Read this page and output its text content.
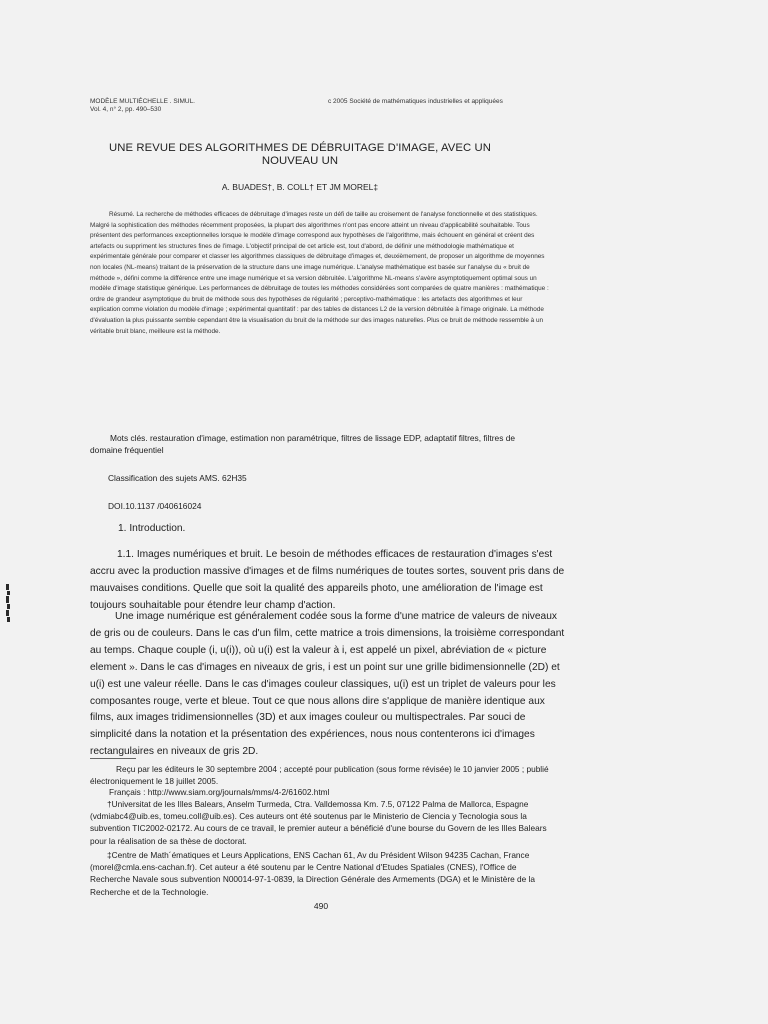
MODÈLE MULTIÉCHELLE . SIMUL.
Vol. 4, n° 2, pp. 490–530
c 2005 Société de mathématiques industrielles et appliquées
UNE REVUE DES ALGORITHMES DE DÉBRUITAGE D'IMAGE, AVEC UN NOUVEAU UN
A. BUADES†, B. COLL† ET JM MOREL‡

Résumé. La recherche de méthodes efficaces de débruitage d'images reste un défi de taille au croisement de l'analyse fonctionnelle et des statistiques. Malgré la sophistication des méthodes récemment proposées, la plupart des algorithmes n'ont pas encore atteint un niveau d'applicabilité souhaitable. Tous présentent des performances exceptionnelles lorsque le modèle d'image correspond aux hypothèses de l'algorithme, mais échouent en général et créent des artefacts ou suppriment les structures fines de l'image. L'objectif principal de cet article est, tout d'abord, de définir une méthodologie mathématique et expérimentale générale pour comparer et classer les algorithmes classiques de débruitage d'images et, deuxièmement, de proposer un algorithme de moyennes non locales (NL-means) traitant de la préservation de la structure dans une image numérique. L'analyse mathématique est basée sur l'analyse du « bruit de méthode », défini comme la différence entre une image numérique et sa version débruitée. L'algorithme NL-means s'avère asymptotiquement optimal sous un modèle d'image statistique générique. Les performances de débruitage de toutes les méthodes considérées sont comparées de quatre manières : mathématique : ordre de grandeur asymptotique du bruit de méthode sous des hypothèses de régularité ; perceptivo-mathématique : les artefacts des algorithmes et leur explication comme violation du modèle d'image ; expérimental quantitatif : par des tables de distances L2 de la version débruitée à l'image originale. La méthode d'évaluation la plus puissante semble cependant être la visualisation du bruit de la méthode sur des images naturelles. Plus ce bruit de méthode ressemble à un véritable bruit blanc, meilleure est la méthode.

Mots clés. restauration d'image, estimation non paramétrique, filtres de lissage EDP, adaptatif filtres, filtres de domaine fréquentiel

Classification des sujets AMS. 62H35

DOI.10.1137 /040616024

1. Introduction.

1.1. Images numériques et bruit. Le besoin de méthodes efficaces de restauration d'images s'est accru avec la production massive d'images et de films numériques de toutes sortes, souvent pris dans de mauvaises conditions. Quelle que soit la qualité des appareils photo, une amélioration de l'image est toujours souhaitable pour étendre leur champ d'action.

Une image numérique est généralement codée sous la forme d'une matrice de valeurs de niveaux de gris ou de couleurs. Dans le cas d'un film, cette matrice a trois dimensions, la troisième correspondant au temps. Chaque couple (i, u(i)), où u(i) est la valeur à i, est appelé un pixel, abréviation de « picture element ». Dans le cas d'images en niveaux de gris, i est un point sur une grille bidimensionnelle (2D) et u(i) est une valeur réelle. Dans le cas d'images couleur classiques, u(i) est un triplet de valeurs pour les composantes rouge, verte et bleue. Tout ce que nous allons dire s'applique de manière identique aux films, aux images tridimensionnelles (3D) et aux images couleur ou multispectrales. Par souci de simplicité dans la notation et la présentation des expériences, nous nous contenterons ici d'images rectangulaires en niveaux de gris 2D.

Reçu par les éditeurs le 30 septembre 2004 ; accepté pour publication (sous forme révisée) le 10 janvier 2005 ; publié électroniquement le 18 juillet 2005.

Français : http://www.siam.org/journals/mms/4-2/61602.html

†Universitat de les Illes Balears, Anselm Turmeda, Ctra. Valldemossa Km. 7.5, 07122 Palma de Mallorca, Espagne (vdmiabc4@uib.es, tomeu.coll@uib.es). Ces auteurs ont été soutenus par le Ministerio de Ciencia y Tecnologia sous la subvention TIC2002-02172. Au cours de ce travail, le premier auteur a bénéficié d'une bourse du Govern de les Illes Balears pour la réalisation de sa thèse de doctorat.

‡Centre de Math´ématiques et Leurs Applications, ENS Cachan 61, Av du Président Wilson 94235 Cachan, France (morel@cmla.ens-cachan.fr). Cet auteur a été soutenu par le Centre National d'Etudes Spatiales (CNES), l'Office de Recherche Navale sous subvention N00014-97-1-0839, la Direction Générale des Armements (DGA) et le Ministère de la Recherche et de la Technologie.

490
